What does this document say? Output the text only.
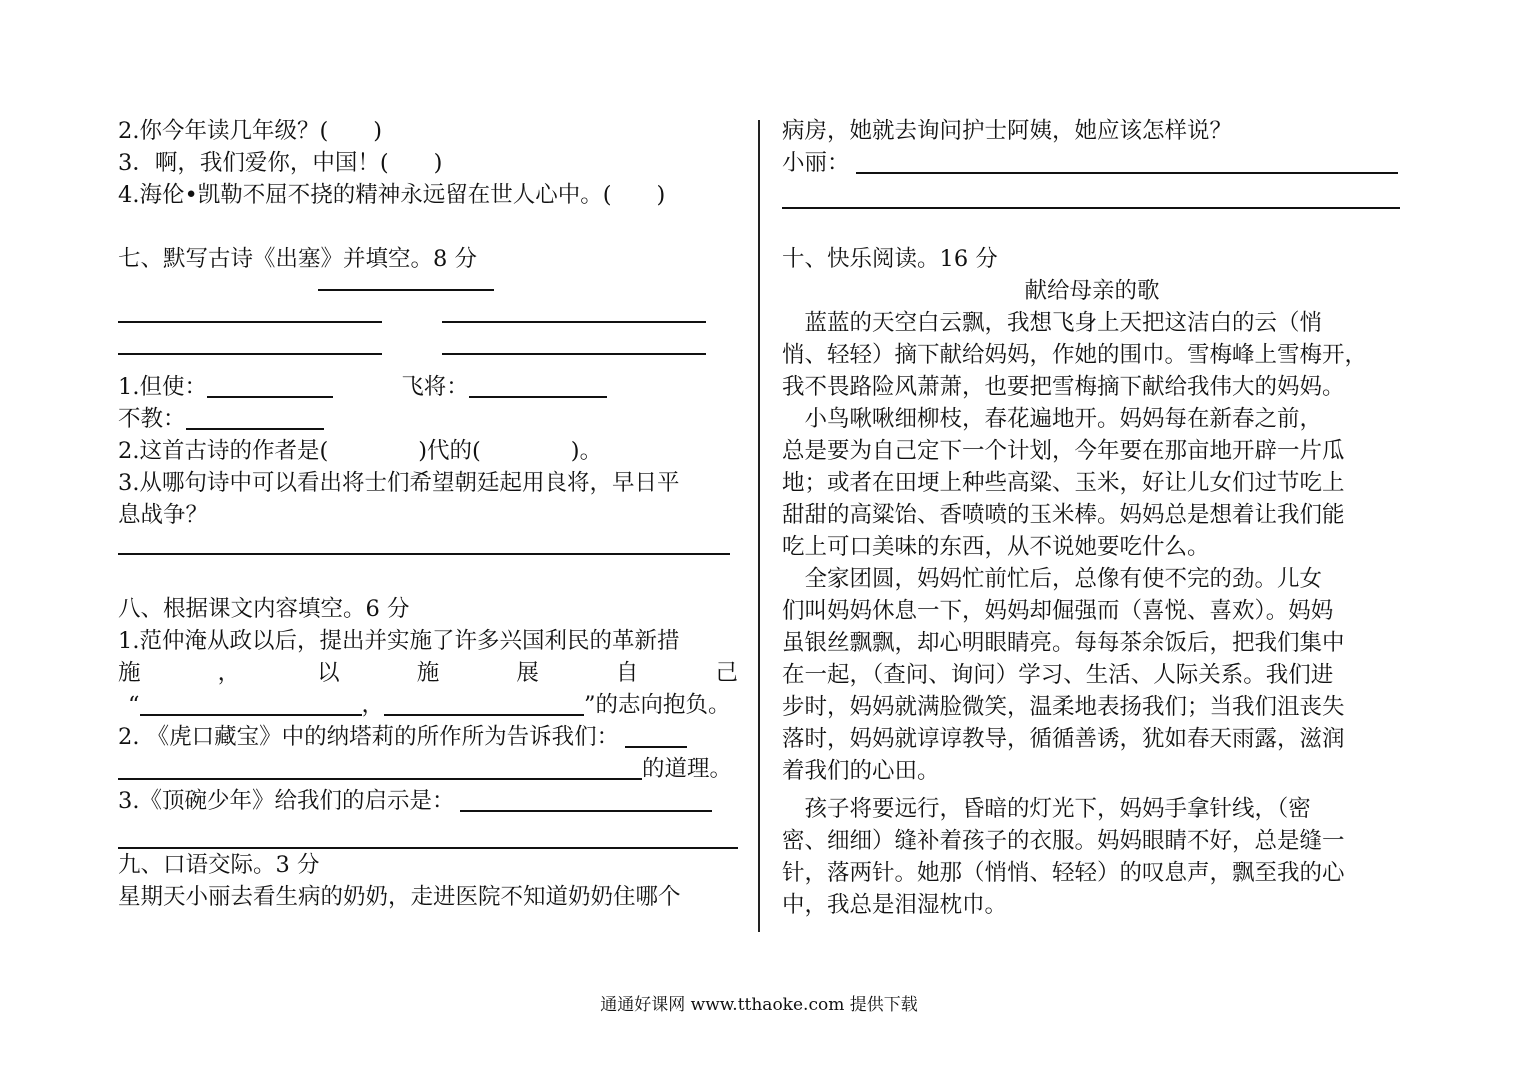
2.你今年读几年级？(　　)
3．啊，我们爱你，中国！(　　)
4.海伦•凯勒不屈不挠的精神永远留在世人心中。(　　)
七、默写古诗《出塞》并填空。8 分
1.但使：	飞将：
不教：
2.这首古诗的作者是(　　　　)代的(　　　　)。
3.从哪句诗中可以看出将士们希望朝廷起用良将，早日平
息战争？
八、根据课文内容填空。6 分
1.范仲淹从政以后，提出并实施了许多兴国利民的革新措
施	，	以	施	展	自	己
“	，	”的志向抱负。
2. 《虎口藏宝》中的纳塔莉的所作所为告诉我们：
的道理。
3.《顶碗少年》给我们的启示是：
九、口语交际。3 分
星期天小丽去看生病的奶奶，走进医院不知道奶奶住哪个
病房，她就去询问护士阿姨，她应该怎样说？
小丽：
十、快乐阅读。16 分
献给母亲的歌
　蓝蓝的天空白云飘，我想飞身上天把这洁白的云（悄
悄、轻轻）摘下献给妈妈，作她的围巾。雪梅峰上雪梅开，
我不畏路险风萧萧，也要把雪梅摘下献给我伟大的妈妈。
　小鸟啾啾细柳枝，春花遍地开。妈妈每在新春之前，
总是要为自己定下一个计划，今年要在那亩地开辟一片瓜
地；或者在田埂上种些高粱、玉米，好让儿女们过节吃上
甜甜的高粱饴、香喷喷的玉米棒。妈妈总是想着让我们能
吃上可口美味的东西，从不说她要吃什么。
　全家团圆，妈妈忙前忙后，总像有使不完的劲。儿女
们叫妈妈休息一下，妈妈却倔强而（喜悦、喜欢）。妈妈
虽银丝飘飘，却心明眼睛亮。每每茶余饭后，把我们集中
在一起，（查问、询问）学习、生活、人际关系。我们进
步时，妈妈就满脸微笑，温柔地表扬我们；当我们沮丧失
落时，妈妈就谆谆教导，循循善诱，犹如春天雨露，滋润
着我们的心田。
　孩子将要远行，昏暗的灯光下，妈妈手拿针线，（密
密、细细）缝补着孩子的衣服。妈妈眼睛不好，总是缝一
针，落两针。她那（悄悄、轻轻）的叹息声，飘至我的心
中，我总是泪湿枕巾。
通通好课网 www.tthaoke.com 提供下载
